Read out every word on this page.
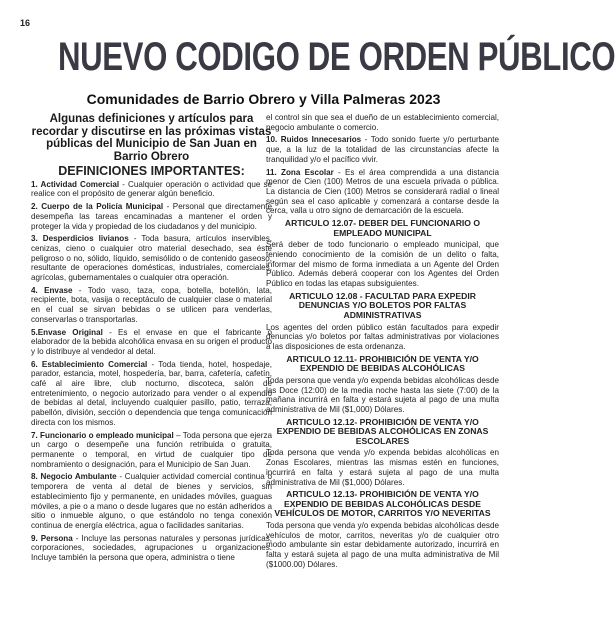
16
NUEVO CODIGO DE ORDEN PÚBLICO
Comunidades de Barrio Obrero y Villa Palmeras 2023
Algunas definiciones y artículos para recordar y discutirse en las próximas vistas públicas del Municipio de San Juan en Barrio Obrero
DEFINICIONES IMPORTANTES:

1. Actividad Comercial - Cualquier operación o actividad que se realice con el propósito de generar algún beneficio.

2. Cuerpo de la Policía Municipal - Personal que directamente desempeña las tareas encaminadas a mantener el orden y proteger la vida y propiedad de los ciudadanos y del municipio.

3. Desperdicios livianos - Toda basura, artículos inservibles, cenizas, cieno o cualquier otro material desechado, sea éste peligroso o no, sólido, líquido, semisólido o de contenido gaseoso, resultante de operaciones domésticas, industriales, comerciales, agrícolas, gubernamentales o cualquier otra operación.

4. Envase - Todo vaso, taza, copa, botella, botellón, lata, recipiente, bota, vasija o receptáculo de cualquier clase o material en el cual se sirvan bebidas o se utilicen para venderlas, conservarlas o transportarlas.

5.Envase Original - Es el envase en que el fabricante o elaborador de la bebida alcohólica envasa en su origen el producto y lo distribuye al vendedor al detal.

6. Establecimiento Comercial - Toda tienda, hotel, hospedaje, parador, estancia, motel, hospedería, bar, barra, cafetería, cafetín, café al aire libre, club nocturno, discoteca, salón de entretenimiento, o negocio autorizado para vender o al expendio de bebidas al detal, incluyendo cualquier pasillo, patio, terraza, pabellón, división, sección o dependencia que tenga comunicación directa con los mismos.

7. Funcionario o empleado municipal – Toda persona que ejerza un cargo o desempeñe una función retribuida o gratuita, permanente o temporal, en virtud de cualquier tipo de nombramiento o designación, para el Municipio de San Juan.

8. Negocio Ambulante - Cualquier actividad comercial continua o temporera de venta al detal de bienes y servicios, sin establecimiento fijo y permanente, en unidades móviles, guaguas móviles, a pie o a mano o desde lugares que no están adheridos a sitio o inmueble alguno, o que estándolo no tenga conexión continua de energía eléctrica, agua o facilidades sanitarias.

9. Persona - Incluye las personas naturales y personas jurídicas, corporaciones, sociedades, agrupaciones u organizaciones. Incluye también la persona que opera, administra o tiene

el control sin que sea el dueño de un establecimiento comercial, negocio ambulante o comercio.

10. Ruidos Innecesarios - Todo sonido fuerte y/o perturbante que, a la luz de la totalidad de las circunstancias afecte la tranquilidad y/o el pacífico vivir.

11. Zona Escolar - Es el área comprendida a una distancia menor de Cien (100) Metros de una escuela privada o pública. La distancia de Cien (100) Metros se considerará radial o lineal según sea el caso aplicable y comenzará a contarse desde la cerca, valla u otro signo de demarcación de la escuela.

ARTICULO 12.07- DEBER DEL FUNCIONARIO O EMPLEADO MUNICIPAL

Será deber de todo funcionario o empleado municipal, que teniendo conocimiento de la comisión de un delito o falta, informar del mismo de forma inmediata a un Agente del Orden Público. Además deberá cooperar con los Agentes del Orden Público en todas las etapas subsiguientes.

ARTICULO 12.08 - FACULTAD PARA EXPEDIR DENUNCIAS Y/O BOLETOS POR FALTAS ADMINISTRATIVAS

Los agentes del orden público están facultados para expedir denuncias y/o boletos por faltas administrativas por violaciones a las disposiciones de esta ordenanza.

ARTICULO 12.11- PROHIBICIÓN DE VENTA Y/O EXPENDIO DE BEBIDAS ALCOHÓLICAS

Toda persona que venda y/o expenda bebidas alcohólicas desde las Doce (12:00) de la media noche hasta las siete (7:00) de la mañana incurrirá en falta y estará sujeta al pago de una multa administrativa de Mil ($1,000) Dólares.

ARTICULO 12.12- PROHIBICIÓN DE VENTA Y/O EXPENDIO DE BEBIDAS ALCOHÓLICAS EN ZONAS ESCOLARES

Toda persona que venda y/o expenda bebidas alcohólicas en Zonas Escolares, mientras las mismas estén en funciones, incurrirá en falta y estará sujeta al pago de una multa administrativa de Mil ($1,000) Dólares.

ARTICULO 12.13- PROHIBICIÓN DE VENTA Y/O EXPENDIO DE BEBIDAS ALCOHÓLICAS DESDE VEHÍCULOS DE MOTOR, CARRITOS Y/O NEVERITAS

Toda persona que venda y/o expenda bebidas alcohólicas desde vehículos de motor, carritos, neveritas y/o de cualquier otro modo ambulante sin estar debidamente autorizado, incurrirá en falta y estará sujeta al pago de una multa administrativa de Mil ($1000.00) Dólares.
